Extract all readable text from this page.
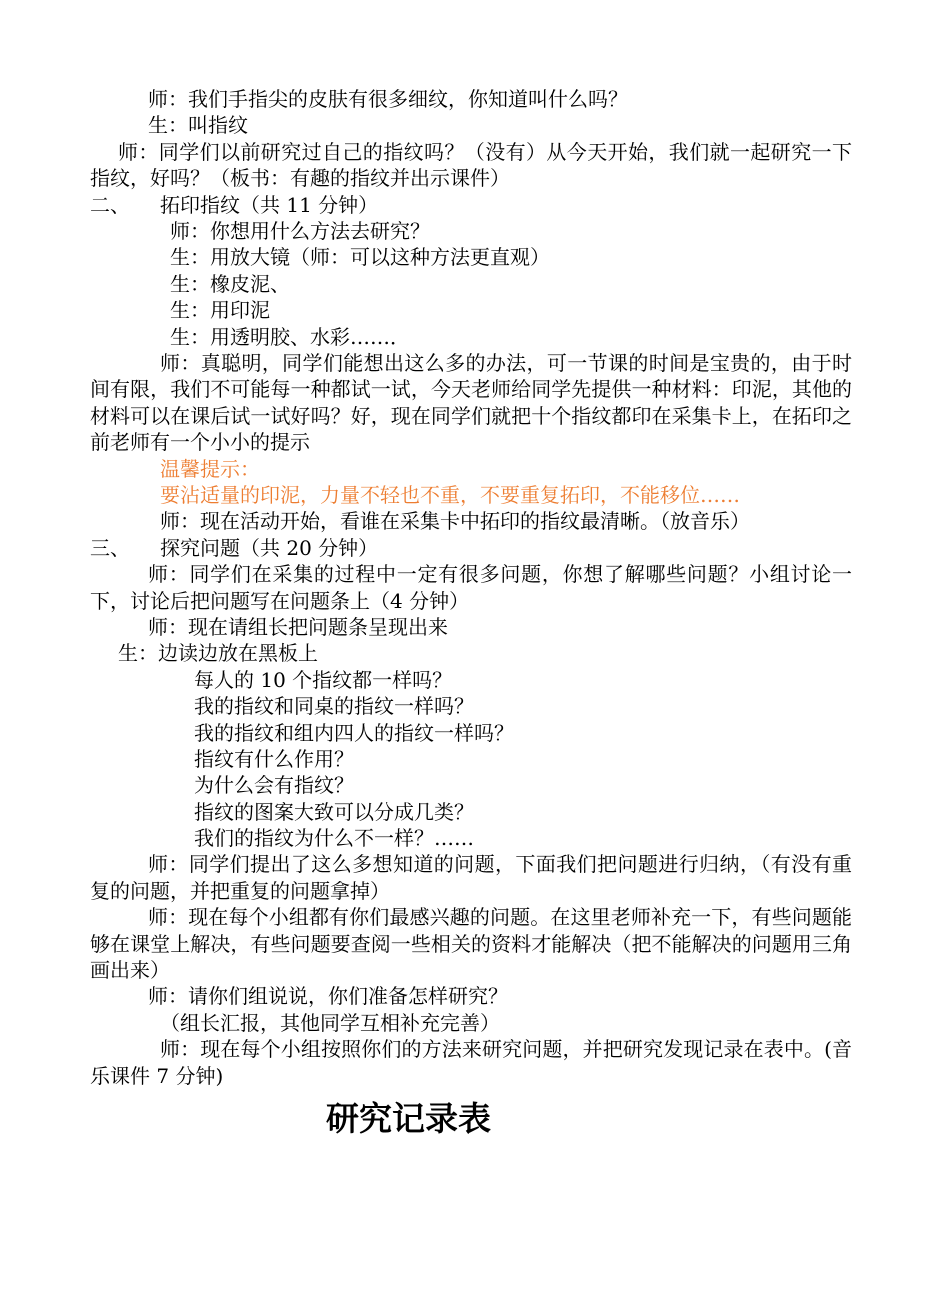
师：我们手指尖的皮肤有很多细纹，你知道叫什么吗？
生：叫指纹
师：同学们以前研究过自己的指纹吗？（没有）从今天开始，我们就一起研究一下指纹，好吗？（板书：有趣的指纹并出示课件）
二、 拓印指纹（共 11 分钟）
师：你想用什么方法去研究？
生：用放大镜（师：可以这种方法更直观）
生：橡皮泥、
生：用印泥
生：用透明胶、水彩……．
师：真聪明，同学们能想出这么多的办法，可一节课的时间是宝贵的，由于时间有限，我们不可能每一种都试一试，今天老师给同学先提供一种材料：印泥，其他的材料可以在课后试一试好吗？好，现在同学们就把十个指纹都印在采集卡上，在拓印之前老师有一个小小的提示
温馨提示：
要沾适量的印泥，力量不轻也不重，不要重复拓印，不能移位……
师：现在活动开始，看谁在采集卡中拓印的指纹最清晰。（放音乐）
三、 探究问题（共 20 分钟）
师：同学们在采集的过程中一定有很多问题，你想了解哪些问题？小组讨论一下，讨论后把问题写在问题条上（4 分钟）
师：现在请组长把问题条呈现出来
生：边读边放在黑板上
每人的 10 个指纹都一样吗？
我的指纹和同桌的指纹一样吗？
我的指纹和组内四人的指纹一样吗？
指纹有什么作用？
为什么会有指纹？
指纹的图案大致可以分成几类？
我们的指纹为什么不一样？……
师：同学们提出了这么多想知道的问题，下面我们把问题进行归纳，（有没有重复的问题，并把重复的问题拿掉）
师：现在每个小组都有你们最感兴趣的问题。在这里老师补充一下，有些问题能够在课堂上解决，有些问题要查阅一些相关的资料才能解决（把不能解决的问题用三角画出来）
师：请你们组说说，你们准备怎样研究？
（组长汇报，其他同学互相补充完善）
师：现在每个小组按照你们的方法来研究问题，并把研究发现记录在表中。(音乐课件 7 分钟)
研究记录表
